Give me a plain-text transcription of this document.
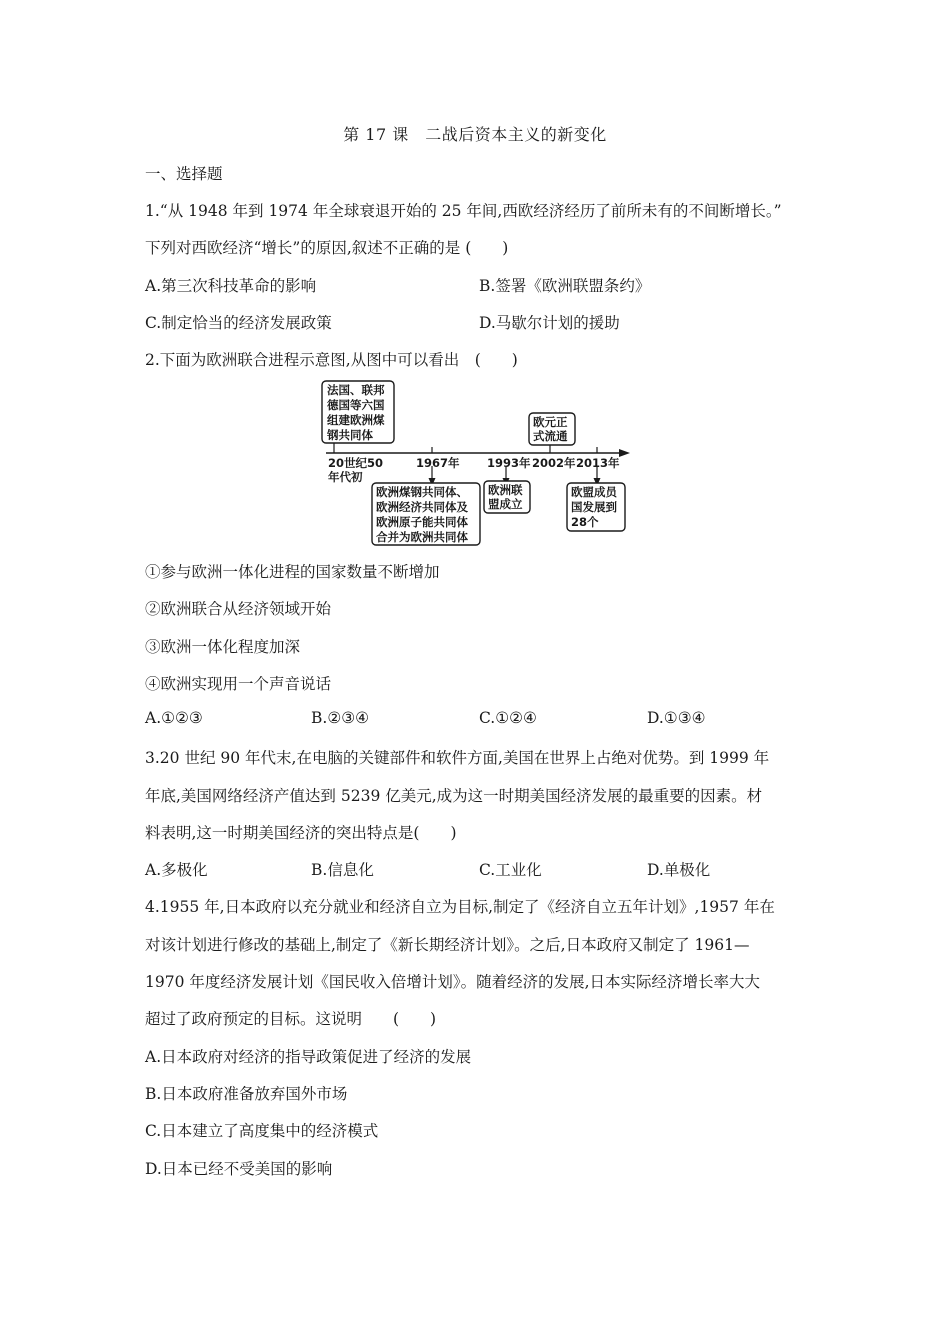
第 17 课　二战后资本主义的新变化
一、选择题
1.“从 1948 年到 1974 年全球衰退开始的 25 年间,西欧经济经历了前所未有的不间断增长。”
下列对西欧经济“增长”的原因,叙述不正确的是 (　　)
A.第三次科技革命的影响	B.签署《欧洲联盟条约》
C.制定恰当的经济发展政策	D.马歇尔计划的援助
2.下面为欧洲联合进程示意图,从图中可以看出　(　　)
法国、联邦
德国等六国
组建欧洲煤
钢共同体
欧元正
式流通
20世纪50
年代初
1967年 1993年 2002年 2013年
欧洲煤钢共同体、
欧洲经济共同体及
欧洲原子能共同体
合并为欧洲共同体
欧洲联
盟成立
欧盟成员
国发展到
28个
①参与欧洲一体化进程的国家数量不断增加
②欧洲联合从经济领域开始
③欧洲一体化程度加深
④欧洲实现用一个声音说话
A.①②③	B.②③④	C.①②④	D.①③④
3.20 世纪 90 年代末,在电脑的关键部件和软件方面,美国在世界上占绝对优势。到 1999 年
年底,美国网络经济产值达到 5239 亿美元,成为这一时期美国经济发展的最重要的因素。材
料表明,这一时期美国经济的突出特点是(　　)
A.多极化	B.信息化	C.工业化	D.单极化
4.1955 年,日本政府以充分就业和经济自立为目标,制定了《经济自立五年计划》,1957 年在
对该计划进行修改的基础上,制定了《新长期经济计划》。之后,日本政府又制定了 1961—
1970 年度经济发展计划《国民收入倍增计划》。随着经济的发展,日本实际经济增长率大大
超过了政府预定的目标。这说明　　(　　)
A.日本政府对经济的指导政策促进了经济的发展
B.日本政府准备放弃国外市场
C.日本建立了高度集中的经济模式
D.日本已经不受美国的影响
